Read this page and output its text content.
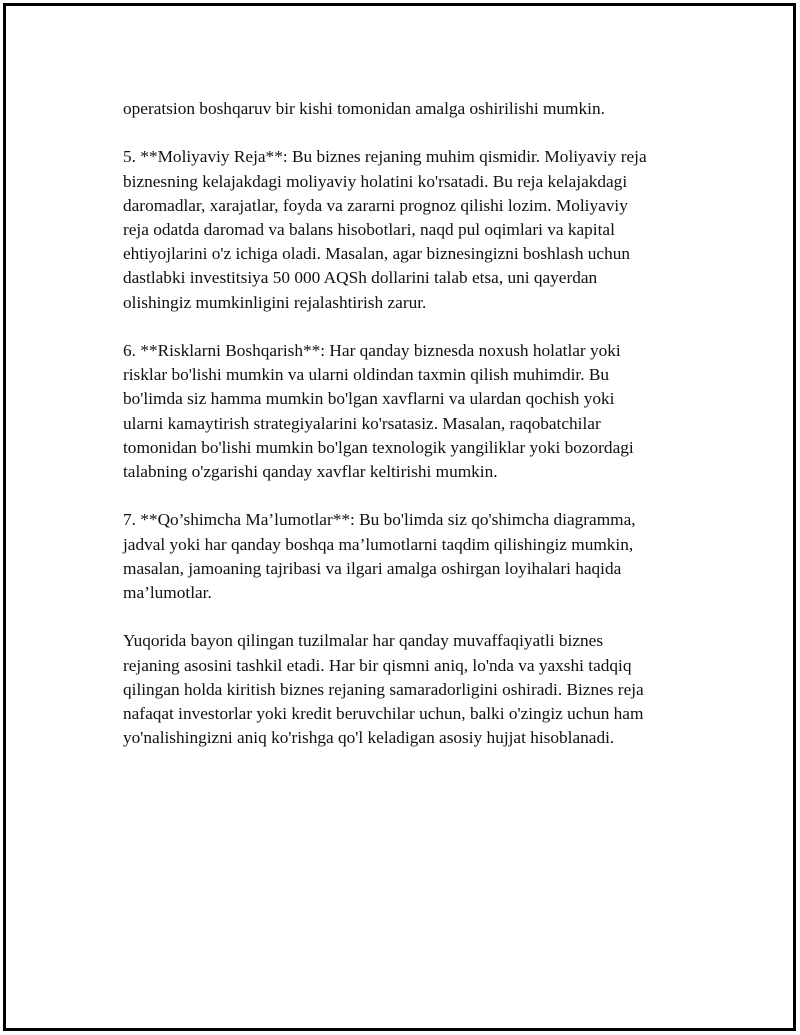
operatsion boshqaruv bir kishi tomonidan amalga oshirilishi mumkin.
5. **Moliyaviy Reja**: Bu biznes rejaning muhim qismidir. Moliyaviy reja
biznesning kelajakdagi moliyaviy holatini ko'rsatadi. Bu reja kelajakdagi
daromadlar, xarajatlar, foyda va zararni prognoz qilishi lozim. Moliyaviy
reja odatda daromad va balans hisobotlari, naqd pul oqimlari va kapital
ehtiyojlarini o'z ichiga oladi. Masalan, agar biznesingizni boshlash uchun
dastlabki investitsiya 50 000 AQSh dollarini talab etsa, uni qayerdan
olishingiz mumkinligini rejalashtirish zarur.
6. **Risklarni Boshqarish**: Har qanday biznesda noxush holatlar yoki
risklar bo'lishi mumkin va ularni oldindan taxmin qilish muhimdir. Bu
bo'limda siz hamma mumkin bo'lgan xavflarni va ulardan qochish yoki
ularni kamaytirish strategiyalarini ko'rsatasiz. Masalan, raqobatchilar
tomonidan bo'lishi mumkin bo'lgan texnologik yangiliklar yoki bozordagi
talabning o'zgarishi qanday xavflar keltirishi mumkin.
7. **Qo’shimcha Ma’lumotlar**: Bu bo'limda siz qo'shimcha diagramma,
jadval yoki har qanday boshqa ma’lumotlarni taqdim qilishingiz mumkin,
masalan, jamoaning tajribasi va ilgari amalga oshirgan loyihalari haqida
ma’lumotlar.
Yuqorida bayon qilingan tuzilmalar har qanday muvaffaqiyatli biznes
rejaning asosini tashkil etadi. Har bir qismni aniq, lo'nda va yaxshi tadqiq
qilingan holda kiritish biznes rejaning samaradorligini oshiradi. Biznes reja
nafaqat investorlar yoki kredit beruvchilar uchun, balki o'zingiz uchun ham
yo'nalishingizni aniq ko'rishga qo'l keladigan asosiy hujjat hisoblanadi.
